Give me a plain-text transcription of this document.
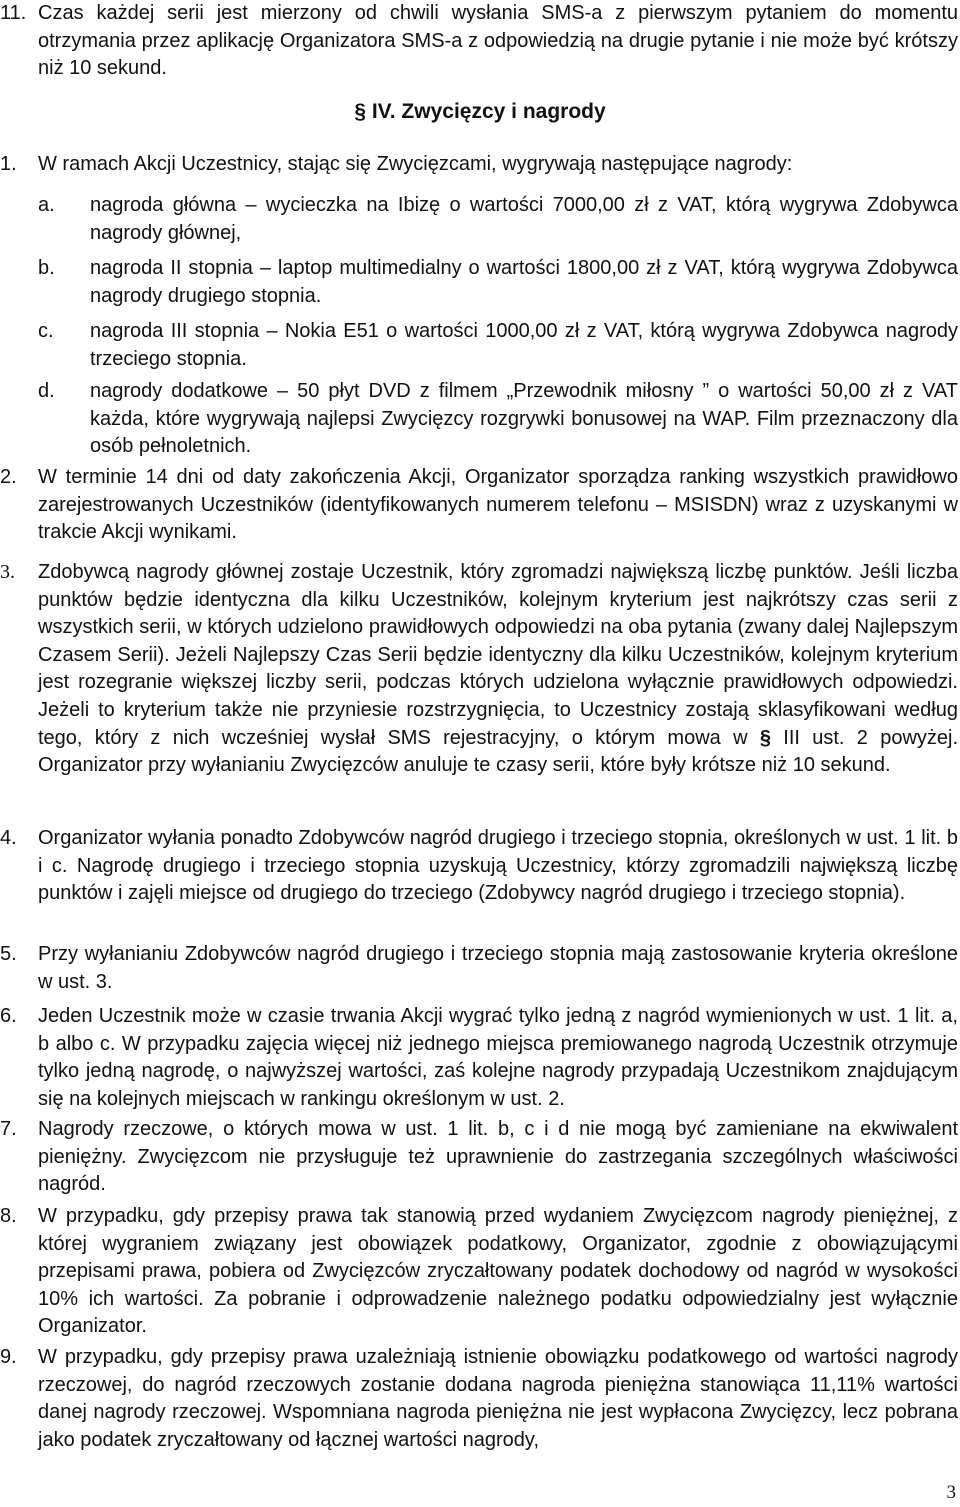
11. Czas każdej serii jest mierzony od chwili wysłania SMS-a z pierwszym pytaniem do momentu otrzymania przez aplikację Organizatora SMS-a z odpowiedzią na drugie pytanie i nie może być krótszy niż 10 sekund.
§ IV. Zwycięzcy i nagrody
1. W ramach Akcji Uczestnicy, stając się Zwycięzcami, wygrywają następujące nagrody:
a. nagroda główna – wycieczka na Ibizę o wartości 7000,00 zł z VAT, którą wygrywa Zdobywca nagrody głównej,
b. nagroda II stopnia – laptop multimedialny o wartości 1800,00 zł z VAT, którą wygrywa Zdobywca nagrody drugiego stopnia.
c. nagroda III stopnia – Nokia E51 o wartości 1000,00 zł z VAT, którą wygrywa Zdobywca nagrody trzeciego stopnia.
d. nagrody dodatkowe – 50 płyt DVD z filmem „Przewodnik miłosny ” o wartości 50,00 zł z VAT każda, które wygrywają najlepsi Zwycięzcy rozgrywki bonusowej na WAP. Film przeznaczony dla osób pełnoletnich.
2. W terminie 14 dni od daty zakończenia Akcji, Organizator sporządza ranking wszystkich prawidłowo zarejestrowanych Uczestników (identyfikowanych numerem telefonu – MSISDN) wraz z uzyskanymi w trakcie Akcji wynikami.
3. Zdobywcą nagrody głównej zostaje Uczestnik, który zgromadzi największą liczbę punktów. Jeśli liczba punktów będzie identyczna dla kilku Uczestników, kolejnym kryterium jest najkrótszy czas serii z wszystkich serii, w których udzielono prawidłowych odpowiedzi na oba pytania (zwany dalej Najlepszym Czasem Serii). Jeżeli Najlepszy Czas Serii będzie identyczny dla kilku Uczestników, kolejnym kryterium jest rozegranie większej liczby serii, podczas których udzielona wyłącznie prawidłowych odpowiedzi. Jeżeli to kryterium także nie przyniesie rozstrzygnięcia, to Uczestnicy zostają sklasyfikowani według tego, który z nich wcześniej wysłał SMS rejestracyjny, o którym mowa w § III ust. 2 powyżej. Organizator przy wyłanianiu Zwycięzców anuluje te czasy serii, które były krótsze niż 10 sekund.
4. Organizator wyłania ponadto Zdobywców nagród drugiego i trzeciego stopnia, określonych w ust. 1 lit. b i c. Nagrodę drugiego i trzeciego stopnia uzyskują Uczestnicy, którzy zgromadzili największą liczbę punktów i zajęli miejsce od drugiego do trzeciego (Zdobywcy nagród drugiego i trzeciego stopnia).
5. Przy wyłanianiu Zdobywców nagród drugiego i trzeciego stopnia mają zastosowanie kryteria określone w ust. 3.
6. Jeden Uczestnik może w czasie trwania Akcji wygrać tylko jedną z nagród wymienionych w ust. 1 lit. a, b albo c. W przypadku zajęcia więcej niż jednego miejsca premiowanego nagrodą Uczestnik otrzymuje tylko jedną nagrodę, o najwyższej wartości, zaś kolejne nagrody przypadają Uczestnikom znajdującym się na kolejnych miejscach w rankingu określonym w ust. 2.
7. Nagrody rzeczowe, o których mowa w ust. 1 lit. b, c i d nie mogą być zamieniane na ekwiwalent pieniężny. Zwycięzcom nie przysługuje też uprawnienie do zastrzegania szczególnych właściwości nagród.
8. W przypadku, gdy przepisy prawa tak stanowią przed wydaniem Zwycięzcom nagrody pieniężnej, z której wygraniem związany jest obowiązek podatkowy, Organizator, zgodnie z obowiązującymi przepisami prawa, pobiera od Zwycięzców zryczałtowany podatek dochodowy od nagród w wysokości 10% ich wartości. Za pobranie i odprowadzenie należnego podatku odpowiedzialny jest wyłącznie Organizator.
9. W przypadku, gdy przepisy prawa uzależniają istnienie obowiązku podatkowego od wartości nagrody rzeczowej, do nagród rzeczowych zostanie dodana nagroda pieniężna stanowiąca 11,11% wartości danej nagrody rzeczowej. Wspomniana nagroda pieniężna nie jest wypłacona Zwycięzcy, lecz pobrana jako podatek zryczałtowany od łącznej wartości nagrody,
3
